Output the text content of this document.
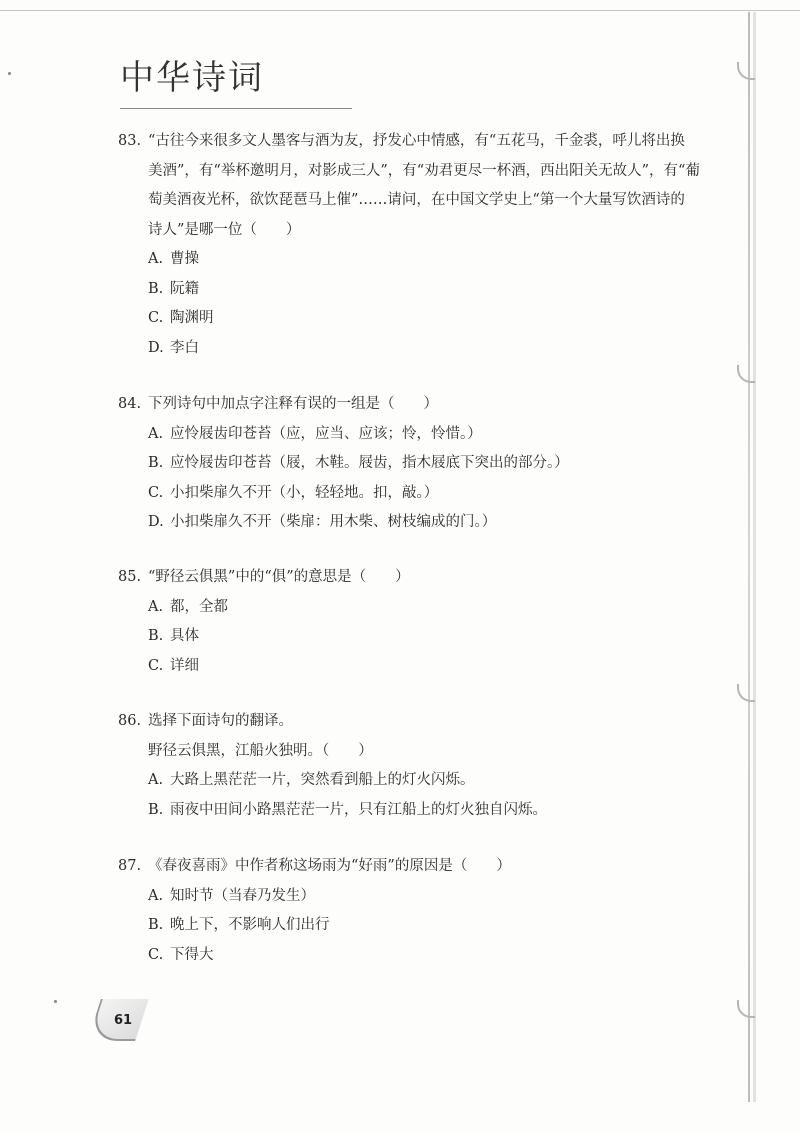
中华诗词
83. “古往今来很多文人墨客与酒为友，抒发心中情感，有“五花马，千金裘，呼儿将出换
美酒”，有“举杯邀明月，对影成三人”，有“劝君更尽一杯酒，西出阳关无故人”，有“葡
萄美酒夜光杯，欲饮琵琶马上催”……请问，在中国文学史上“第一个大量写饮酒诗的
诗人”是哪一位（　　）
A. 曹操
B. 阮籍
C. 陶渊明
D. 李白
84. 下列诗句中加点字注释有误的一组是（　　）
A. 应怜屐齿印苍苔（应，应当、应该；怜，怜惜。）
B. 应怜屐齿印苍苔（屐，木鞋。屐齿，指木屐底下突出的部分。）
C. 小扣柴扉久不开（小，轻轻地。扣，敲。）
D. 小扣柴扉久不开（柴扉：用木柴、树枝编成的门。）
85. “野径云俱黑”中的“俱”的意思是（　　）
A. 都，全都
B. 具体
C. 详细
86. 选择下面诗句的翻译。
野径云俱黑，江船火独明。（　　）
A. 大路上黑茫茫一片，突然看到船上的灯火闪烁。
B. 雨夜中田间小路黑茫茫一片，只有江船上的灯火独自闪烁。
87. 《春夜喜雨》中作者称这场雨为“好雨”的原因是（　　）
A. 知时节（当春乃发生）
B. 晚上下，不影响人们出行
C. 下得大
61
